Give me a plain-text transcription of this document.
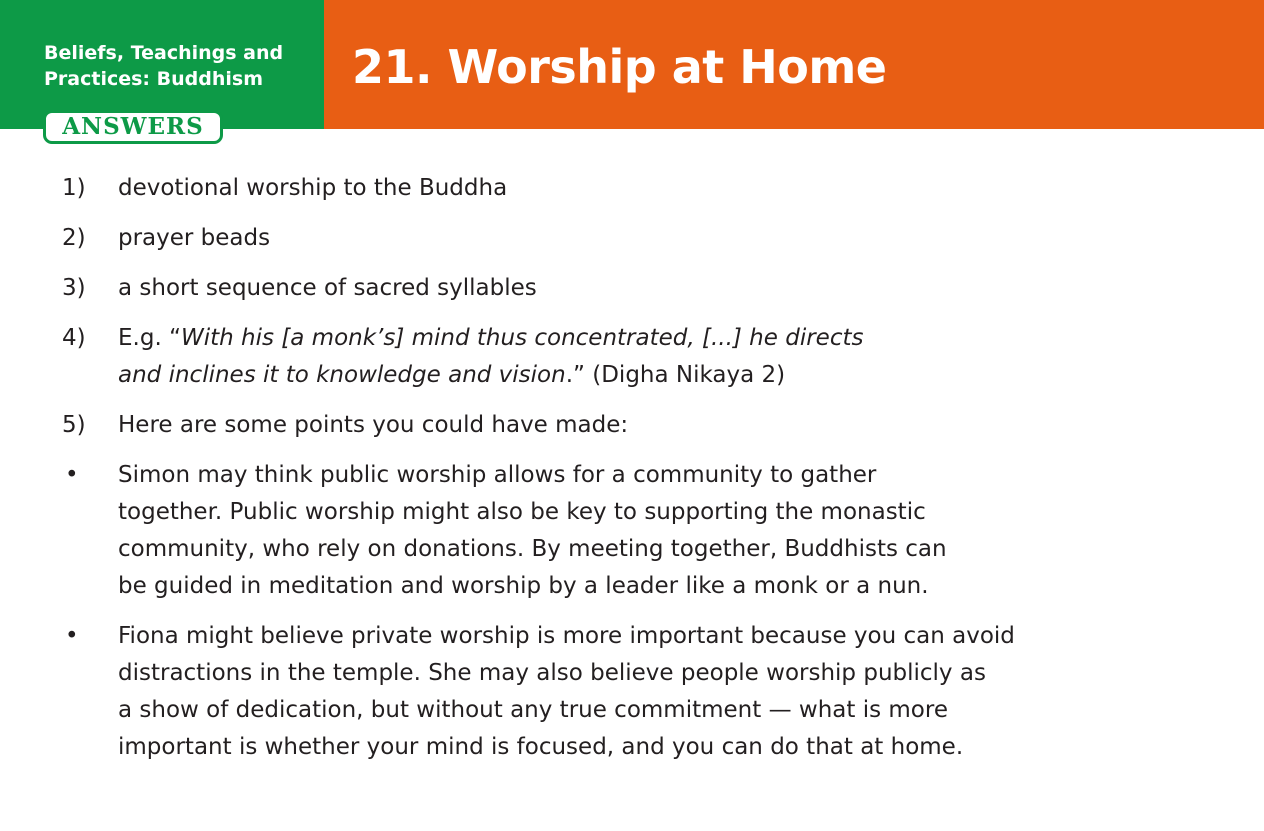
Beliefs, Teachings and
Practices: Buddhism	21. Worship at Home
ANSWERS
1) devotional worship to the Buddha
2) prayer beads
3) a short sequence of sacred syllables
4) E.g. “With his [a monk’s] mind thus concentrated, [...] he directs
and inclines it to knowledge and vision.” (Digha Nikaya 2)
5) Here are some points you could have made:
• Simon may think public worship allows for a community to gather
together. Public worship might also be key to supporting the monastic
community, who rely on donations. By meeting together, Buddhists can
be guided in meditation and worship by a leader like a monk or a nun.
• Fiona might believe private worship is more important because you can avoid
distractions in the temple. She may also believe people worship publicly as
a show of dedication, but without any true commitment — what is more
important is whether your mind is focused, and you can do that at home.
